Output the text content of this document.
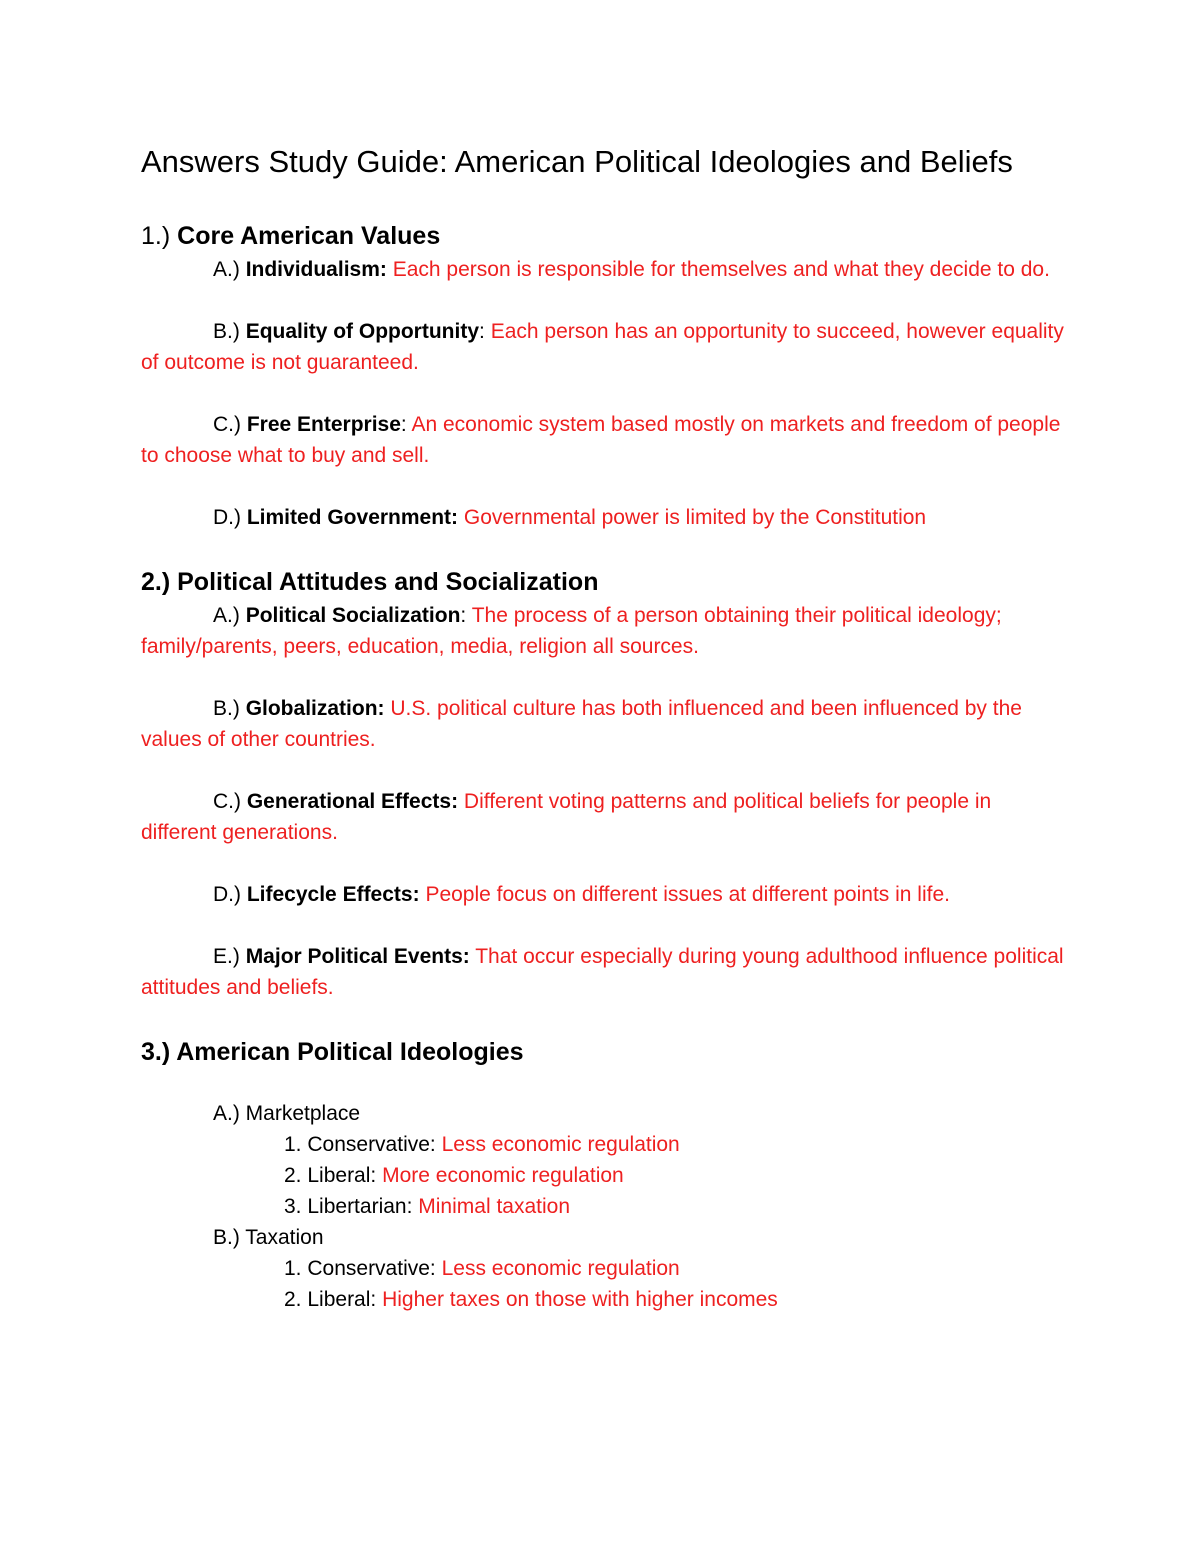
Answers Study Guide: American Political Ideologies and Beliefs

1.) Core American Values

A.) Individualism: Each person is responsible for themselves and what they decide to do.

B.) Equality of Opportunity: Each person has an opportunity to succeed, however equality of outcome is not guaranteed.

C.) Free Enterprise: An economic system based mostly on markets and freedom of people to choose what to buy and sell.

D.) Limited Government: Governmental power is limited by the Constitution

2.) Political Attitudes and Socialization

A.) Political Socialization: The process of a person obtaining their political ideology; family/parents, peers, education, media, religion all sources.

B.) Globalization: U.S. political culture has both influenced and been influenced by the values of other countries.

C.) Generational Effects: Different voting patterns and political beliefs for people in different generations.

D.) Lifecycle Effects: People focus on different issues at different points in life.

E.) Major Political Events: That occur especially during young adulthood influence political attitudes and beliefs.

3.) American Political Ideologies

A.) Marketplace

1. Conservative: Less economic regulation

2. Liberal: More economic regulation

3. Libertarian: Minimal taxation

B.) Taxation

1. Conservative: Less economic regulation

2. Liberal: Higher taxes on those with higher incomes
